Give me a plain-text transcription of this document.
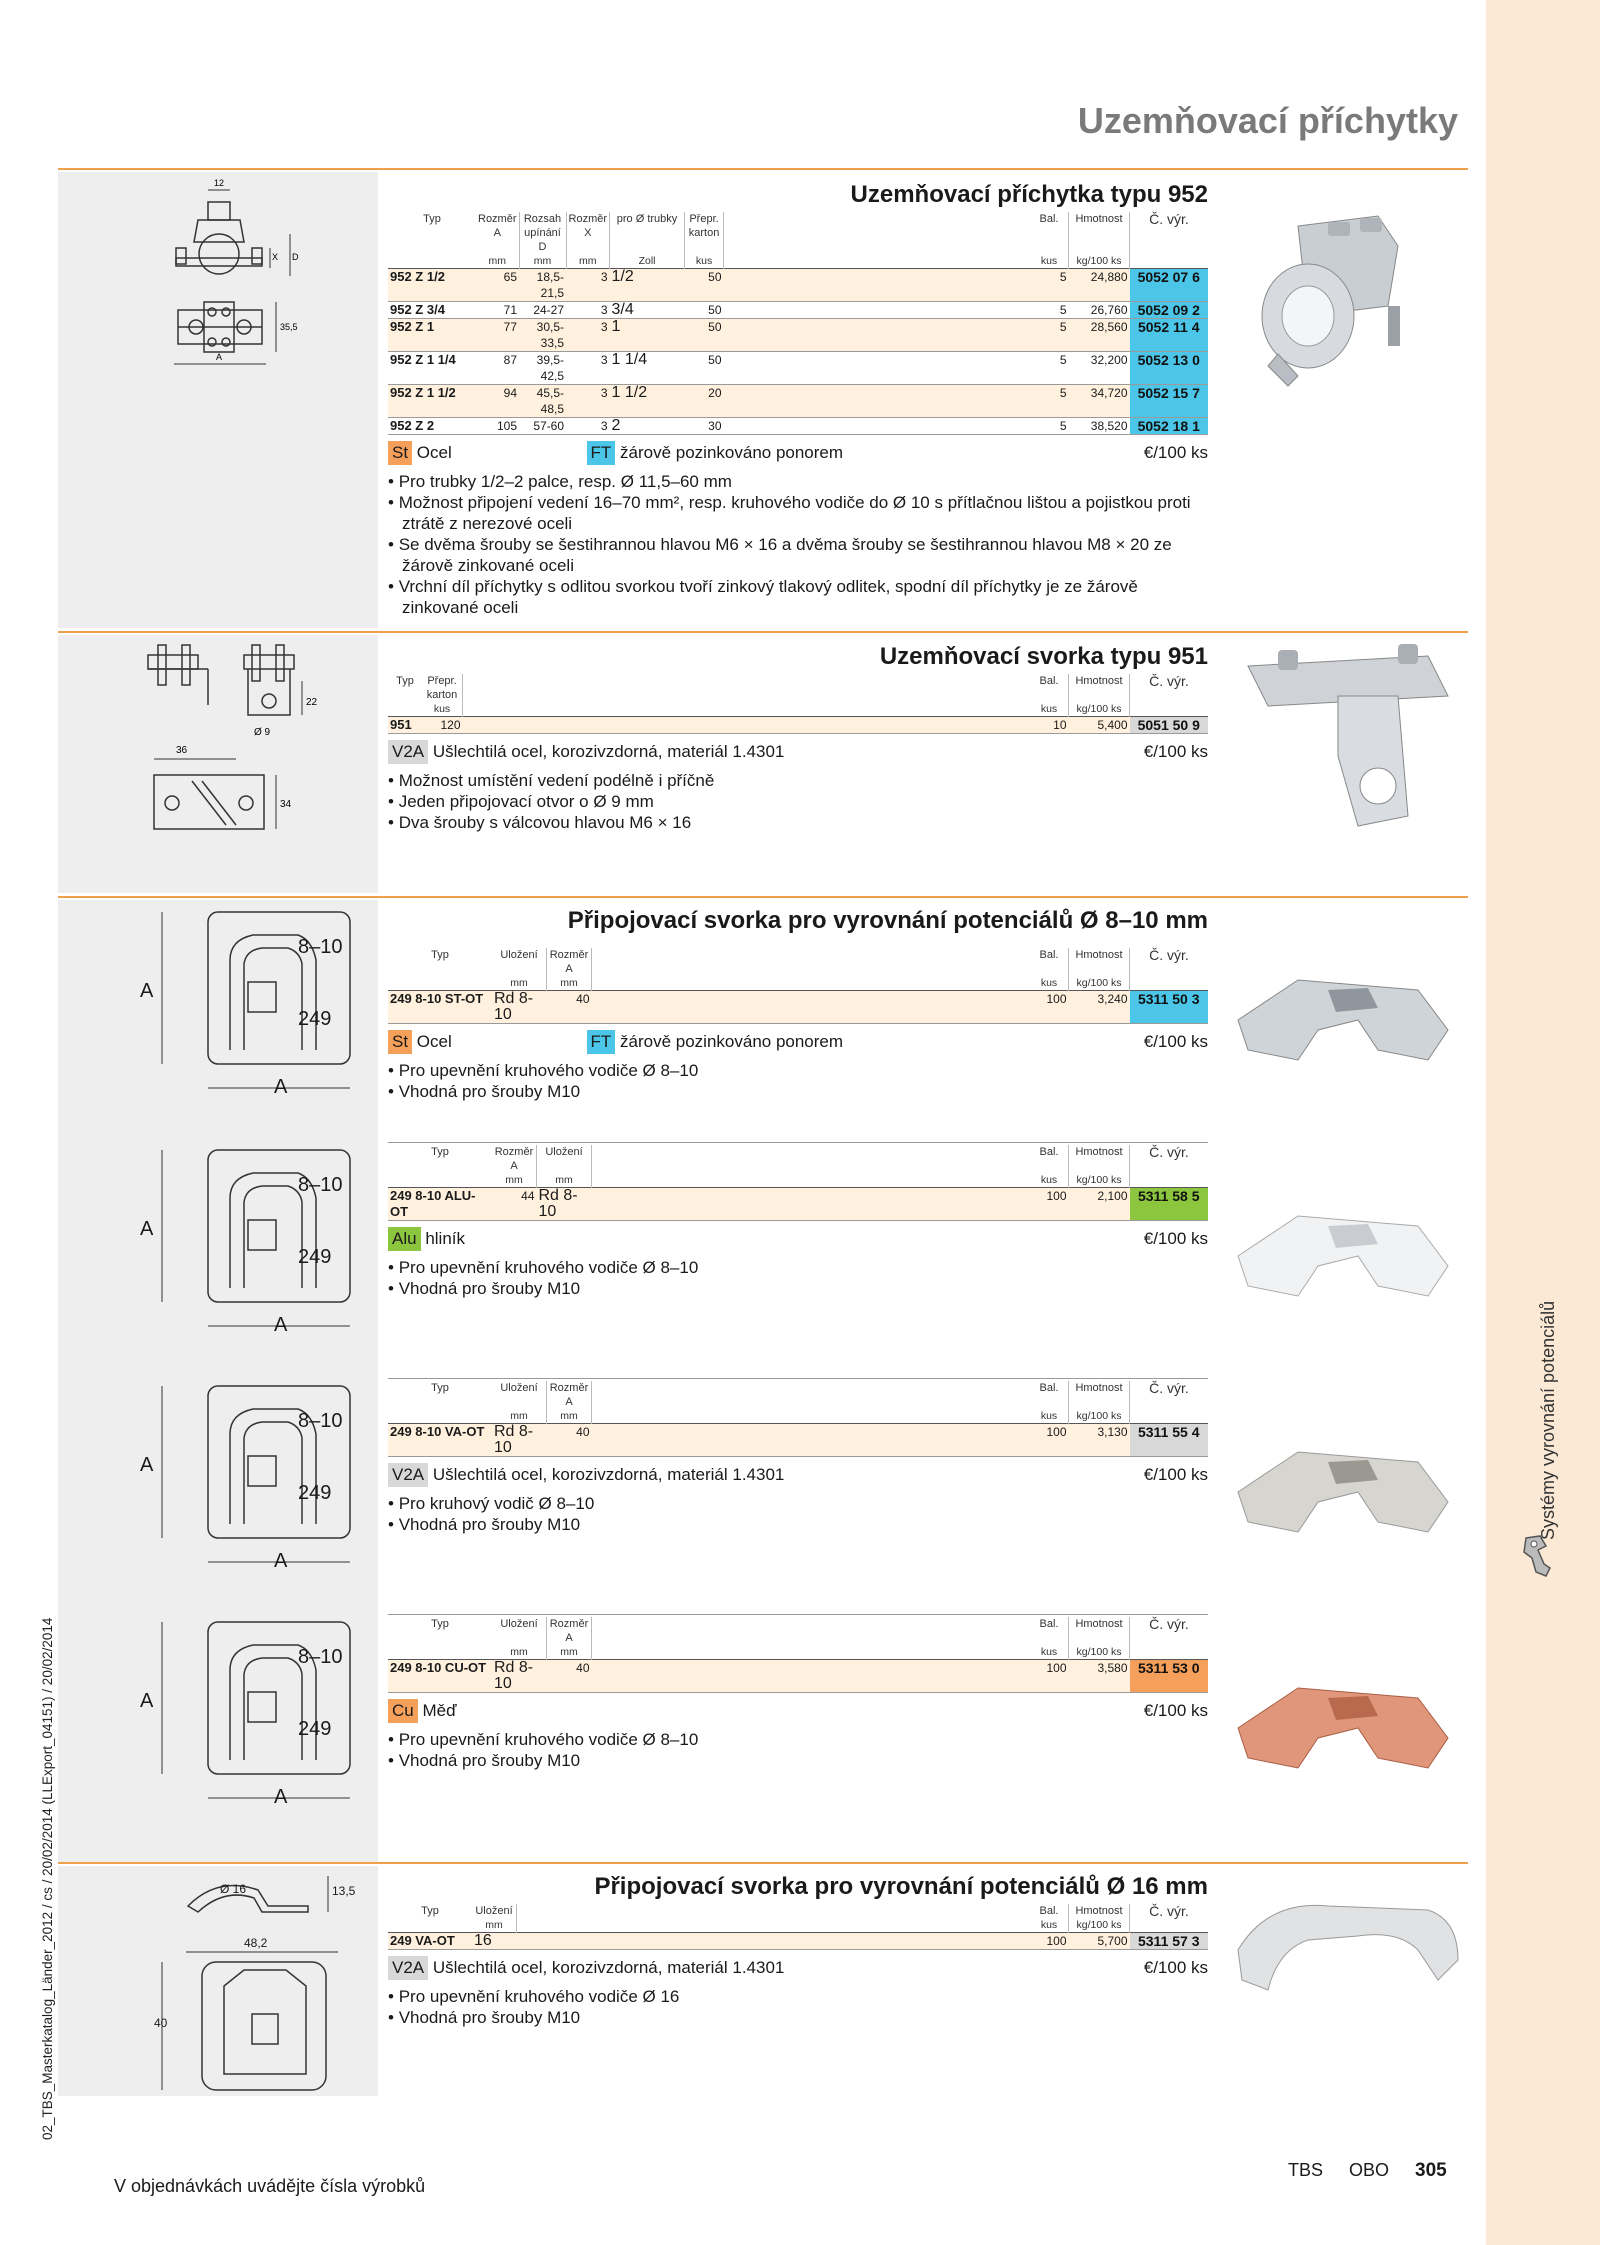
Systémy vyrovnání potenciálů
Uzemňovací příchytky
02_TBS_Masterkatalog_Länder_2012 / cs / 20/02/2014 (LLExport_04151) / 20/02/2014
12
X D
A
35,5
Uzemňovací příchytka typu 952
Typ	Rozměr A	Rozsah upínání D	Rozměr X	pro Ø trubky	Přepr. karton		Bal.	Hmotnost	Č. výr.
	mm	mm	mm	Zoll	kus		kus	kg/100 ks	
952 Z 1/2	65	18,5-21,5	3	1/2	50		5	24,880	5052 07 6
952 Z 3/4	71	24-27	3	3/4	50		5	26,760	5052 09 2
952 Z 1	77	30,5-33,5	3	1	50		5	28,560	5052 11 4
952 Z 1 1/4	87	39,5-42,5	3	1 1/4	50		5	32,200	5052 13 0
952 Z 1 1/2	94	45,5-48,5	3	1 1/2	20		5	34,720	5052 15 7
952 Z 2	105	57-60	3	2	30		5	38,520	5052 18 1
St Ocel	FT žárově pozinkováno ponorem	€/100 ks
• Pro trubky 1/2–2 palce, resp. Ø 11,5–60 mm
• Možnost připojení vedení 16–70 mm², resp. kruhového vodiče do Ø 10 s přítlačnou lištou a pojistkou proti ztrátě z nerezové oceli
• Se dvěma šrouby se šestihrannou hlavou M6 × 16 a dvěma šrouby se šestihrannou hlavou M8 × 20 ze žárově zinkované oceli
• Vrchní díl příchytky s odlitou svorkou tvoří zinkový tlakový odlitek, spodní díl příchytky je ze žárově zinkované oceli
22
Ø 9
36
34
Uzemňovací svorka typu 951
Typ	Přepr. karton		Bal.	Hmotnost	Č. výr.
	kus		kus	kg/100 ks	
951	120		10	5,400	5051 50 9
V2A Ušlechtilá ocel, korozivzdorná, materiál 1.4301	€/100 ks
• Možnost umístění vedení podélně i příčně
• Jeden připojovací otvor o Ø 9 mm
• Dva šrouby s válcovou hlavou M6 × 16
A
8–10
249
A
A
8–10
249
A
A
8–10
249
A
A
8–10
249
A
Připojovací svorka pro vyrovnání potenciálů Ø 8–10 mm
Typ	Uložení	Rozměr A		Bal.	Hmotnost	Č. výr.
	mm	mm		kus	kg/100 ks	
249 8-10 ST-OT	Rd 8-10	40		100	3,240	5311 50 3
St Ocel	FT žárově pozinkováno ponorem	€/100 ks
• Pro upevnění kruhového vodiče Ø 8–10
• Vhodná pro šrouby M10
Typ	Rozměr A	Uložení		Bal.	Hmotnost	Č. výr.
	mm	mm		kus	kg/100 ks	
249 8-10 ALU-OT	44	Rd 8-10		100	2,100	5311 58 5
Alu hliník	€/100 ks
• Pro upevnění kruhového vodiče Ø 8–10
• Vhodná pro šrouby M10
Typ	Uložení	Rozměr A		Bal.	Hmotnost	Č. výr.
	mm	mm		kus	kg/100 ks	
249 8-10 VA-OT	Rd 8-10	40		100	3,130	5311 55 4
V2A Ušlechtilá ocel, korozivzdorná, materiál 1.4301	€/100 ks
• Pro kruhový vodič Ø 8–10
• Vhodná pro šrouby M10
Typ	Uložení	Rozměr A		Bal.	Hmotnost	Č. výr.
	mm	mm		kus	kg/100 ks	
249 8-10 CU-OT	Rd 8-10	40		100	3,580	5311 53 0
Cu Měď	€/100 ks
• Pro upevnění kruhového vodiče Ø 8–10
• Vhodná pro šrouby M10
48,2
40
13,5
Ø 16	Připojovací svorka pro vyrovnání potenciálů Ø 16 mm
Typ	Uložení		Bal.	Hmotnost	Č. výr.
	mm		kus	kg/100 ks	
249 VA-OT	16		100	5,700	5311 57 3
V2A Ušlechtilá ocel, korozivzdorná, materiál 1.4301	€/100 ks
• Pro upevnění kruhového vodiče Ø 16
• Vhodná pro šrouby M10
V objednávkách uvádějte čísla výrobků
TBS OBO 305
